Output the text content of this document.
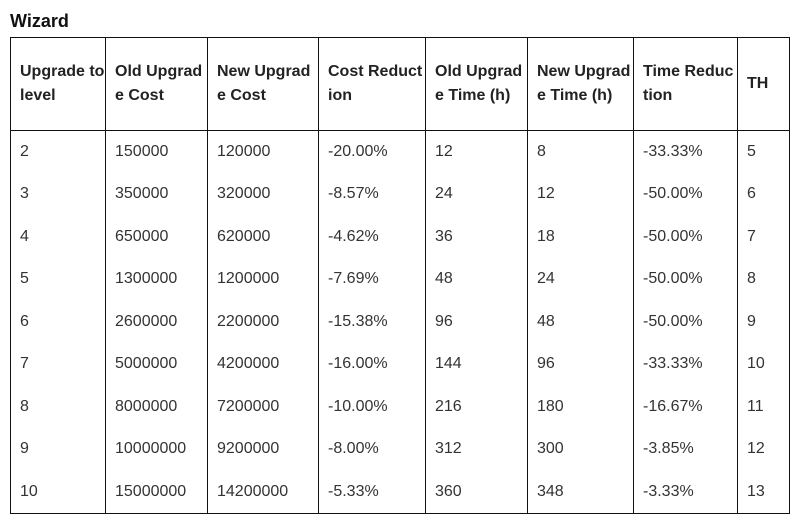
Wizard
Upgrade to level	Old Upgrade Cost	New Upgrade Cost	Cost Reduction	Old Upgrade Time (h)	New Upgrade Time (h)	Time Reduction	TH
2	150000	120000	-20.00%	12	8	-33.33%	5
3	350000	320000	-8.57%	24	12	-50.00%	6
4	650000	620000	-4.62%	36	18	-50.00%	7
5	1300000	1200000	-7.69%	48	24	-50.00%	8
6	2600000	2200000	-15.38%	96	48	-50.00%	9
7	5000000	4200000	-16.00%	144	96	-33.33%	10
8	8000000	7200000	-10.00%	216	180	-16.67%	11
9	10000000	9200000	-8.00%	312	300	-3.85%	12
10	15000000	14200000	-5.33%	360	348	-3.33%	13
